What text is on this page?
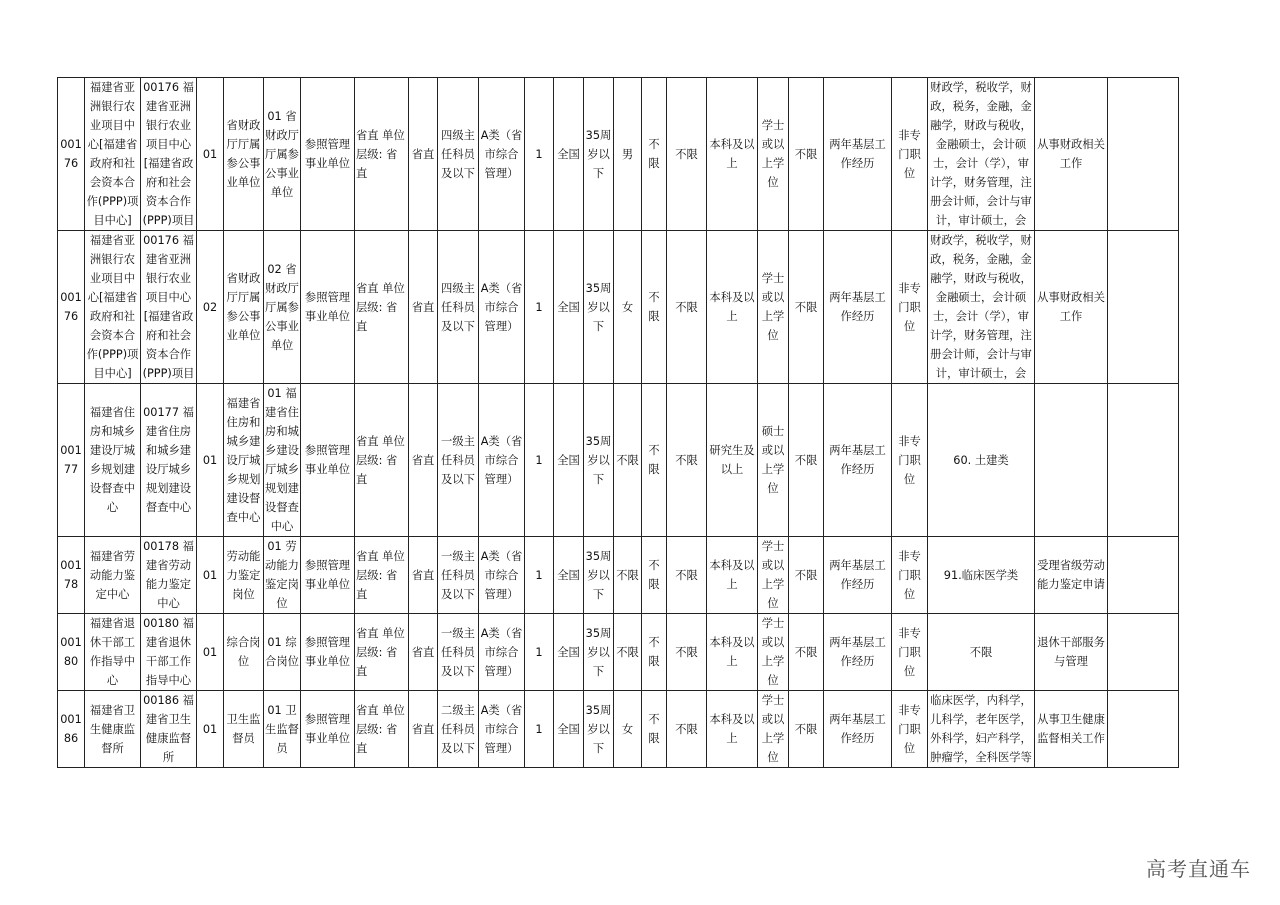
00176	福建省亚洲银行农业项目中心[福建省政府和社会资本合作(PPP)项目中心]	00176 福建省亚洲银行农业项目中心[福建省政府和社会资本合作(PPP)项目	01	省财政厅厅属参公事业单位	01 省财政厅厅属参公事业单位	参照管理事业单位	省直 单位层级: 省直	省直	四级主任科员及以下	A类（省市综合管理）	1	全国	35周岁以下	男	不限	不限	本科及以上	学士或以上学位	不限	两年基层工作经历	非专门职位	财政学，税收学，财政，税务，金融，金融学，财政与税收，金融硕士，会计硕士，会计（学），审计学，财务管理，注册会计师，会计与审计，审计硕士，会	从事财政相关工作	
00176	福建省亚洲银行农业项目中心[福建省政府和社会资本合作(PPP)项目中心]	00176 福建省亚洲银行农业项目中心[福建省政府和社会资本合作(PPP)项目	02	省财政厅厅属参公事业单位	02 省财政厅厅属参公事业单位	参照管理事业单位	省直 单位层级: 省直	省直	四级主任科员及以下	A类（省市综合管理）	1	全国	35周岁以下	女	不限	不限	本科及以上	学士或以上学位	不限	两年基层工作经历	非专门职位	财政学，税收学，财政，税务，金融，金融学，财政与税收，金融硕士，会计硕士，会计（学），审计学，财务管理，注册会计师，会计与审计，审计硕士，会	从事财政相关工作	
00177	福建省住房和城乡建设厅城乡规划建设督查中心	00177 福建省住房和城乡建设厅城乡规划建设督查中心	01	福建省住房和城乡建设厅城乡规划建设督查中心	01 福建省住房和城乡建设厅城乡规划建设督查中心	参照管理事业单位	省直 单位层级: 省直	省直	一级主任科员及以下	A类（省市综合管理）	1	全国	35周岁以下	不限	不限	不限	研究生及以上	硕士或以上学位	不限	两年基层工作经历	非专门职位	60. 土建类		
00178	福建省劳动能力鉴定中心	00178 福建省劳动能力鉴定中心	01	劳动能力鉴定岗位	01 劳动能力鉴定岗位	参照管理事业单位	省直 单位层级: 省直	省直	一级主任科员及以下	A类（省市综合管理）	1	全国	35周岁以下	不限	不限	不限	本科及以上	学士或以上学位	不限	两年基层工作经历	非专门职位	91.临床医学类	受理省级劳动能力鉴定申请	
00180	福建省退休干部工作指导中心	00180 福建省退休干部工作指导中心	01	综合岗位	01 综合岗位	参照管理事业单位	省直 单位层级: 省直	省直	一级主任科员及以下	A类（省市综合管理）	1	全国	35周岁以下	不限	不限	不限	本科及以上	学士或以上学位	不限	两年基层工作经历	非专门职位	不限	退休干部服务与管理	
00186	福建省卫生健康监督所	00186 福建省卫生健康监督所	01	卫生监督员	01 卫生监督员	参照管理事业单位	省直 单位层级: 省直	省直	二级主任科员及以下	A类（省市综合管理）	1	全国	35周岁以下	女	不限	不限	本科及以上	学士或以上学位	不限	两年基层工作经历	非专门职位	临床医学，内科学，儿科学，老年医学，外科学，妇产科学，肿瘤学，全科医学等	从事卫生健康监督相关工作	
高考直通车
